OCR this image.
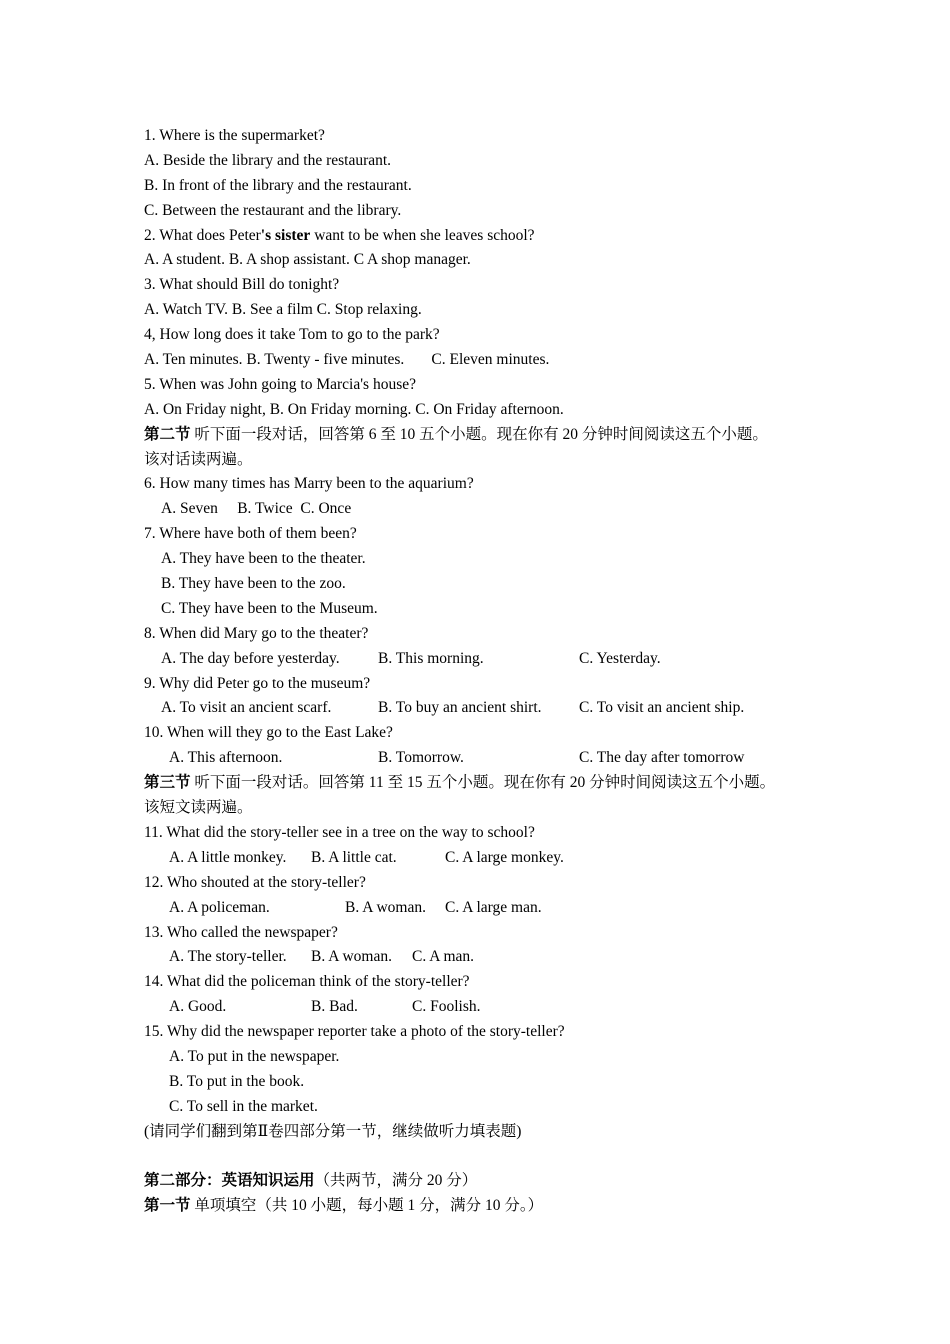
1. Where is the supermarket?
A. Beside the library and the restaurant.
B. In front of the library and the restaurant.
C. Between the restaurant and the library.
2. What does Peter's sister want to be when she leaves school?
A. A student. B. A shop assistant. C A shop manager.
3. What should Bill do tonight?
A. Watch TV. B. See a film C. Stop relaxing.
4, How long does it take Tom to go to the park?
A. Ten minutes. B. Twenty - five minutes.       C. Eleven minutes.
5. When was John going to Marcia's house?
A. On Friday night, B. On Friday morning. C. On Friday afternoon.
第二节 听下面一段对话，回答第 6 至 10 五个小题。现在你有 20 分钟时间阅读这五个小题。
该对话读两遍。
6. How many times has Marry been to the aquarium?
A. Seven     B. Twice  C. Once
7. Where have both of them been?
A. They have been to the theater.
B. They have been to the zoo.
C. They have been to the Museum.
8. When did Mary go to the theater?
A. The day before yesterday. B. This morning.	C. Yesterday.
9. Why did Peter go to the museum?
A. To visit an ancient scarf.	B. To buy an ancient shirt. C. To visit an ancient ship.
10. When will they go to the East Lake?
A. This afternoon.	B. Tomorrow.	C. The day after tomorrow
第三节 听下面一段对话。回答第 11 至 15 五个小题。现在你有 20 分钟时间阅读这五个小题。
该短文读两遍。
11. What did the story-teller see in a tree on the way to school?
A. A little monkey. B. A little cat.	C. A large monkey.
12. Who shouted at the story-teller?
A. A policeman.	B. A woman. C. A large man.
13. Who called the newspaper?
A. The story-teller. B. A woman. C. A man.
14. What did the policeman think of the story-teller?
A. Good.	B. Bad.	C. Foolish.
15. Why did the newspaper reporter take a photo of the story-teller?
A. To put in the newspaper.
B. To put in the book.
C. To sell in the market.
(请同学们翻到第Ⅱ卷四部分第一节，继续做听力填表题)
第二部分：英语知识运用（共两节，满分 20 分）
第一节 单项填空（共 10 小题，每小题 1 分，满分 10 分。）
